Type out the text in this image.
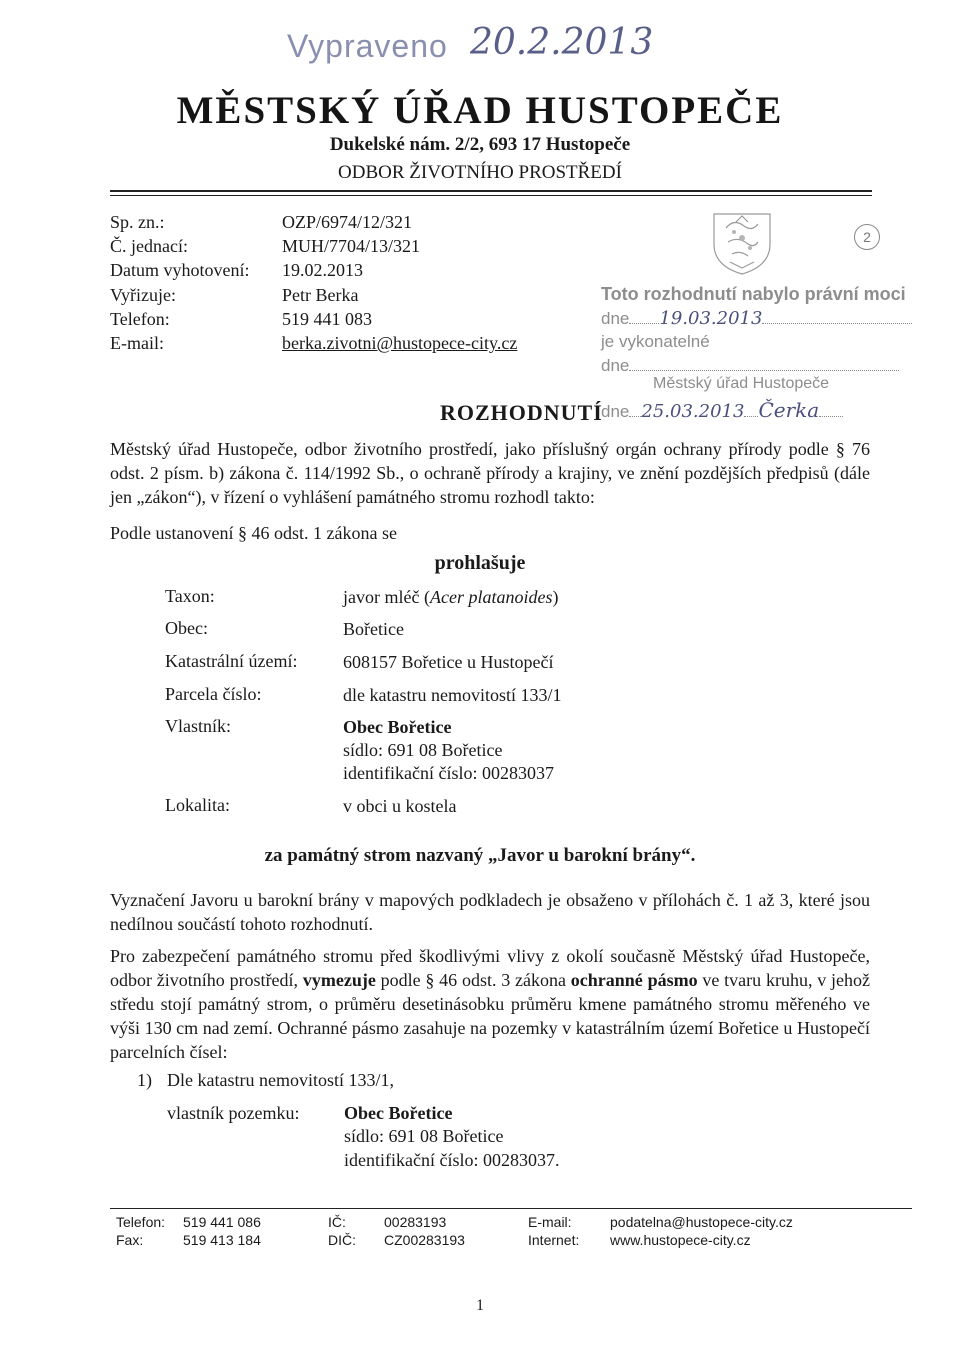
Vypraveno 20.2.2013
MĚSTSKÝ ÚŘAD HUSTOPEČE
Dukelské nám. 2/2, 693 17 Hustopeče
ODBOR ŽIVOTNÍHO PROSTŘEDÍ
Sp. zn.:	OZP/6974/12/321
Č. jednací:	MUH/7704/13/321
Datum vyhotovení: 19.02.2013
Vyřizuje:	Petr Berka
Telefon:	519 441 083
E-mail:	berka.zivotni@hustopece-city.cz
2
Toto rozhodnutí nabylo právní moci
dne 19.03.2013
je vykonatelné
dne
Městský úřad Hustopeče
dne 25.03.2013 Čerka
ROZHODNUTÍ
Městský úřad Hustopeče, odbor životního prostředí, jako příslušný orgán ochrany přírody podle § 76 odst. 2 písm. b) zákona č. 114/1992 Sb., o ochraně přírody a krajiny, ve znění pozdějších předpisů (dále jen „zákon“), v řízení o vyhlášení památného stromu rozhodl takto:
Podle ustanovení § 46 odst. 1 zákona se
prohlašuje
Taxon:	javor mléč (Acer platanoides)
Obec:	Bořetice
Katastrální území:	608157 Bořetice u Hustopečí
Parcela číslo:	dle katastru nemovitostí 133/1
Vlastník:	Obec Bořetice
sídlo: 691 08 Bořetice
identifikační číslo: 00283037
Lokalita:	v obci u kostela
za památný strom nazvaný „Javor u barokní brány“.
Vyznačení Javoru u barokní brány v mapových podkladech je obsaženo v přílohách č. 1 až 3, které jsou nedílnou součástí tohoto rozhodnutí.
Pro zabezpečení památného stromu před škodlivými vlivy z okolí současně Městský úřad Hustopeče, odbor životního prostředí, vymezuje podle § 46 odst. 3 zákona ochranné pásmo ve tvaru kruhu, v jehož středu stojí památný strom, o průměru desetinásobku průměru kmene památného stromu měřeného ve výši 130 cm nad zemí. Ochranné pásmo zasahuje na pozemky v katastrálním území Bořetice u Hustopečí parcelních čísel:
1) Dle katastru nemovitostí 133/1,
vlastník pozemku: Obec Bořetice
sídlo: 691 08 Bořetice
identifikační číslo: 00283037.
Telefon: 519 441 086
Fax:	519 413 184
IČ:	00283193
DIČ: CZ00283193
E-mail:	podatelna@hustopece-city.cz
Internet: www.hustopece-city.cz
1
